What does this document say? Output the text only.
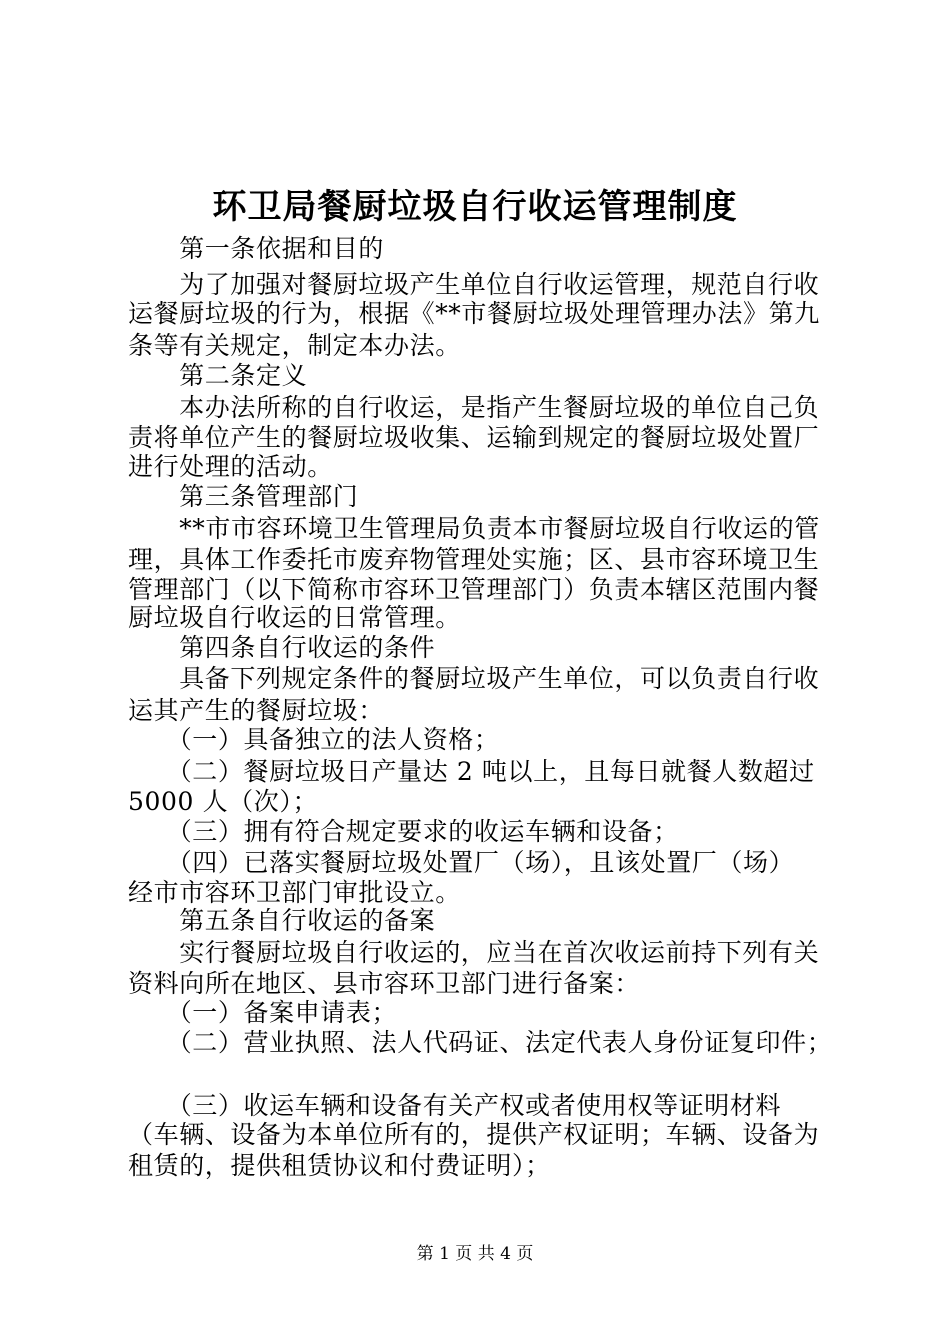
环卫局餐厨垃圾自行收运管理制度
　　第一条依据和目的
　　为了加强对餐厨垃圾产生单位自行收运管理，规范自行收
运餐厨垃圾的行为，根据《**市餐厨垃圾处理管理办法》第九
条等有关规定，制定本办法。
　　第二条定义
　　本办法所称的自行收运，是指产生餐厨垃圾的单位自己负
责将单位产生的餐厨垃圾收集、运输到规定的餐厨垃圾处置厂
进行处理的活动。
　　第三条管理部门
　　**市市容环境卫生管理局负责本市餐厨垃圾自行收运的管
理，具体工作委托市废弃物管理处实施；区、县市容环境卫生
管理部门（以下简称市容环卫管理部门）负责本辖区范围内餐
厨垃圾自行收运的日常管理。
　　第四条自行收运的条件
　　具备下列规定条件的餐厨垃圾产生单位，可以负责自行收
运其产生的餐厨垃圾：
　　（一）具备独立的法人资格；
　　（二）餐厨垃圾日产量达 2 吨以上，且每日就餐人数超过
5000 人（次）；
　　（三）拥有符合规定要求的收运车辆和设备；
　　（四）已落实餐厨垃圾处置厂（场），且该处置厂（场）
经市市容环卫部门审批设立。
　　第五条自行收运的备案
　　实行餐厨垃圾自行收运的，应当在首次收运前持下列有关
资料向所在地区、县市容环卫部门进行备案：
　　（一）备案申请表；
　　（二）营业执照、法人代码证、法定代表人身份证复印件；
　　（三）收运车辆和设备有关产权或者使用权等证明材料
（车辆、设备为本单位所有的，提供产权证明；车辆、设备为
租赁的，提供租赁协议和付费证明）；
第 1 页 共 4 页
